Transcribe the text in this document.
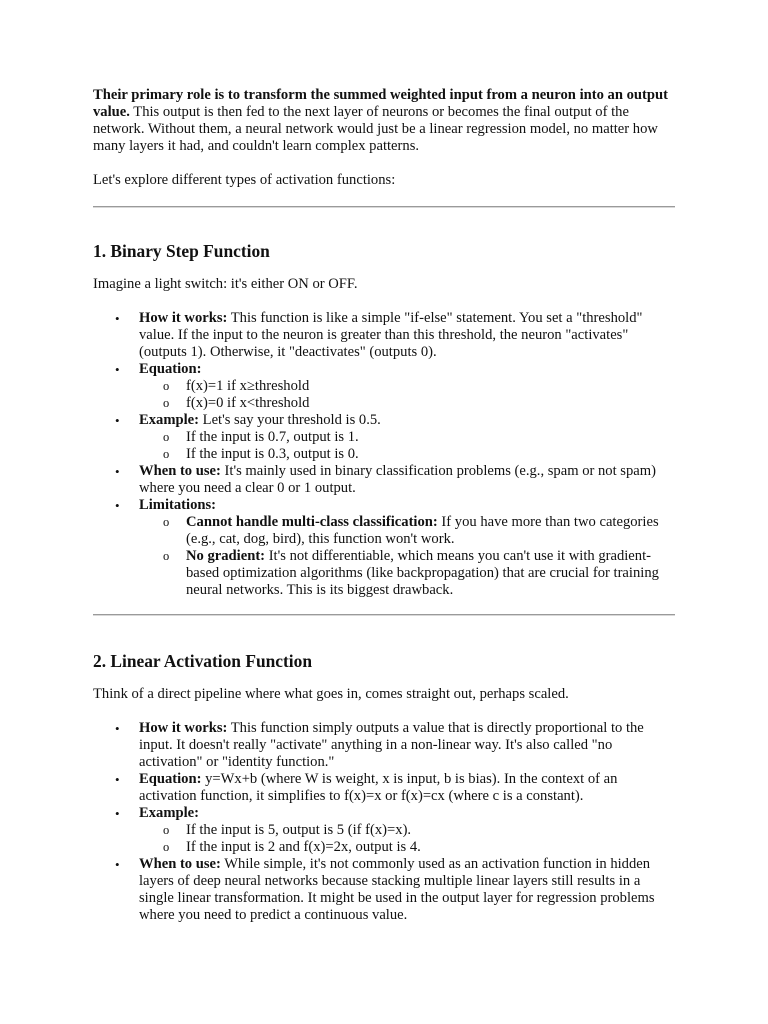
Their primary role is to transform the summed weighted input from a neuron into an output value. This output is then fed to the next layer of neurons or becomes the final output of the network. Without them, a neural network would just be a linear regression model, no matter how many layers it had, and couldn't learn complex patterns.

Let's explore different types of activation functions:

1. Binary Step Function

Imagine a light switch: it's either ON or OFF.

• How it works: This function is like a simple "if-else" statement. You set a "threshold" value. If the input to the neuron is greater than this threshold, the neuron "activates" (outputs 1). Otherwise, it "deactivates" (outputs 0).
• Equation:
o f(x)=1 if x≥threshold
o f(x)=0 if x<threshold
• Example: Let's say your threshold is 0.5.
o If the input is 0.7, output is 1.
o If the input is 0.3, output is 0.
• When to use: It's mainly used in binary classification problems (e.g., spam or not spam) where you need a clear 0 or 1 output.
• Limitations:
o Cannot handle multi-class classification: If you have more than two categories (e.g., cat, dog, bird), this function won't work.
o No gradient: It's not differentiable, which means you can't use it with gradient-based optimization algorithms (like backpropagation) that are crucial for training neural networks. This is its biggest drawback.
2. Linear Activation Function

Think of a direct pipeline where what goes in, comes straight out, perhaps scaled.

• How it works: This function simply outputs a value that is directly proportional to the input. It doesn't really "activate" anything in a non-linear way. It's also called "no activation" or "identity function."
• Equation: y=Wx+b (where W is weight, x is input, b is bias). In the context of an activation function, it simplifies to f(x)=x or f(x)=cx (where c is a constant).
• Example:
o If the input is 5, output is 5 (if f(x)=x).
o If the input is 2 and f(x)=2x, output is 4.
• When to use: While simple, it's not commonly used as an activation function in hidden layers of deep neural networks because stacking multiple linear layers still results in a single linear transformation. It might be used in the output layer for regression problems where you need to predict a continuous value.
